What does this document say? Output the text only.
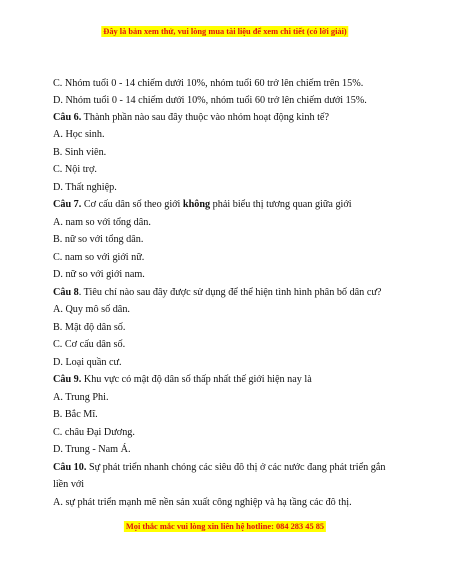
Đây là bản xem thử, vui lòng mua tài liệu để xem chi tiết (có lời giải)
C. Nhóm tuổi 0 - 14 chiếm dưới 10%, nhóm tuổi 60 trở lên chiếm trên 15%.
D. Nhóm tuổi 0 - 14 chiếm dưới 10%, nhóm tuổi 60 trở lên chiếm dưới 15%.
Câu 6. Thành phần nào sau đây thuộc vào nhóm hoạt động kinh tế?
A. Học sinh.
B. Sinh viên.
C. Nội trợ.
D. Thất nghiệp.
Câu 7. Cơ cấu dân số theo giới không phải biểu thị tương quan giữa giới
A. nam so với tổng dân.
B. nữ so với tổng dân.
C. nam so với giới nữ.
D. nữ so với giới nam.
Câu 8. Tiêu chí nào sau đây được sử dụng để thể hiện tình hình phân bố dân cư?
A. Quy mô số dân.
B. Mật độ dân số.
C. Cơ cấu dân số.
D. Loại quần cư.
Câu 9. Khu vực có mật độ dân số thấp nhất thế giới hiện nay là
A. Trung Phi.
B. Bắc Mĩ.
C. châu Đại Dương.
D. Trung - Nam Á.
Câu 10. Sự phát triển nhanh chóng các siêu đô thị ở các nước đang phát triển gắn
liền với
A. sự phát triển mạnh mẽ nền sản xuất công nghiệp và hạ tầng các đô thị.
Mọi thắc mắc vui lòng xin liên hệ hotline: 084 283 45 85
